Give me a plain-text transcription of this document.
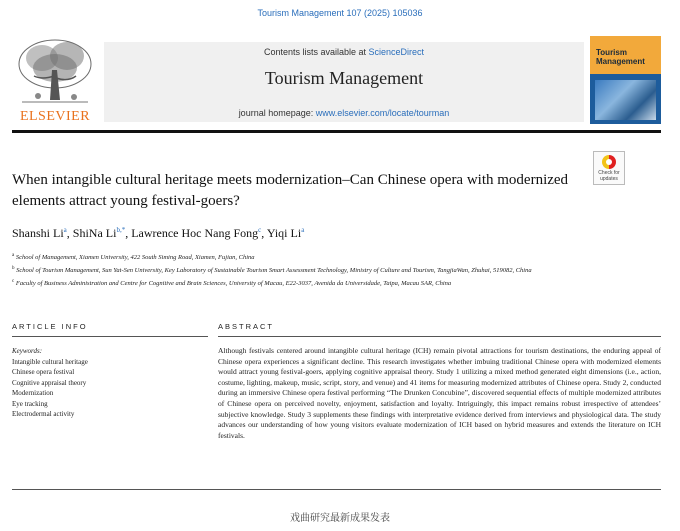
Tourism Management 107 (2025) 105036
ELSEVIER
Contents lists available at ScienceDirect
Tourism Management
journal homepage: www.elsevier.com/locate/tourman
Tourism
Management
Check for
updates
When intangible cultural heritage meets modernization–Can Chinese opera with modernized elements attract young festival-goers?
Shanshi Li$^a$, ShiNa $Li^{b,*}$, Lawrence Hoc Nang Fong$^c$, Yiqi Li$^a$
$^a$ School of Management, Xiamen University, 422 South Siming Road, Xiamen, Fujian, China
$^b$ School of Tourism Management, Sun Yat-Sen University, Key Laboratory of Sustainable Tourism Smart Assessment Technology, Ministry of Culture and Tourism, TangjiaWan, Zhuhai, 519082, China
$^c$ Faculty of Business Administration and Centre for Cognitive and Brain Sciences, University of Macau, E22-3037, Avenida da Universidade, Taipa, Macau SAR, China
ARTICLE INFO	ABSTRACT
Keywords:
Intangible cultural heritage
Chinese opera festival
Cognitive appraisal theory
Modernization
Eye tracking
Electrodermal activity
Although festivals centered around intangible cultural heritage (ICH) remain pivotal attractions for tourism destinations, the enduring appeal of Chinese opera experiences a significant decline. This research investigates whether imbuing traditional Chinese opera with modernized elements would attract young festival-goers, applying cognitive appraisal theory. Study 1 utilizing a mixed method generated eight dimensions (i.e., action, costume, lighting, makeup, music, script, story, and venue) and 41 items for measuring modernized attributes of Chinese opera. Study 2, conducted during an immersive Chinese opera festival performing “The Drunken Concubine”, discovered sequential effects of multiple modernized attributes of Chinese opera on perceived novelty, enjoyment, satisfaction and loyalty. Intriguingly, this impact remains robust irrespective of attendees’ subjective knowledge. Study 3 supplements these findings with interpretative evidence derived from interviews and physiological data. The study advances our understanding of how young visitors evaluate modernization of ICH based on hybrid measures and extends the literature on ICH festivals.
戏曲研究最新成果发表
